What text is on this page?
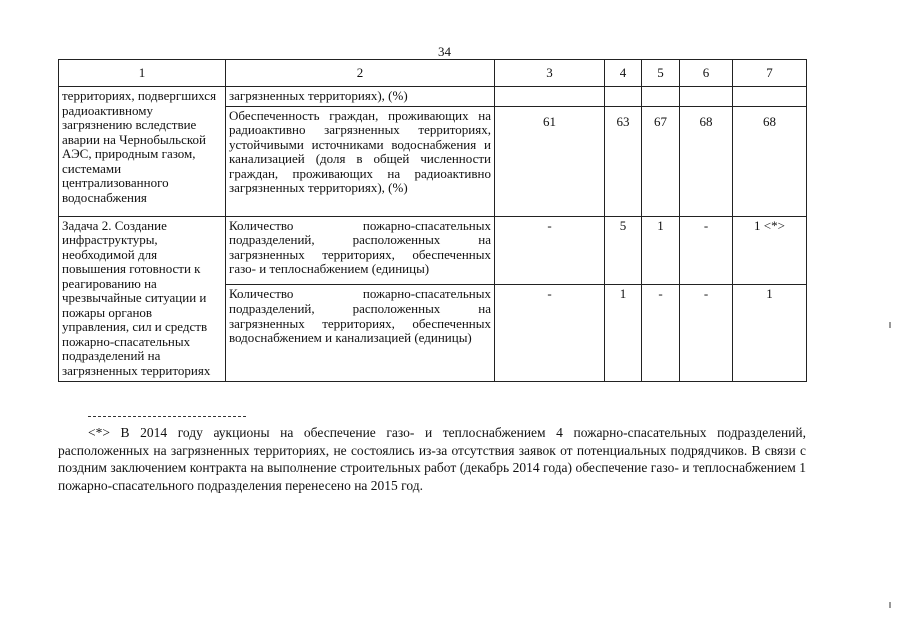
34
1	2	3	4	5	6	7
территориях, подвергшихся радиоактивному загрязнению вследствие аварии на Чернобыльской АЭС, природным газом, системами централизованного водоснабжения	загрязненных территориях), (%)					
	Обеспеченность граждан, проживающих на радиоактивно загрязненных территориях, устойчивыми источниками водоснабжения и канализацией (доля в общей численности граждан, проживающих на радиоактивно загрязненных территориях), (%)	61	63	67	68	68
Задача 2. Создание инфраструктуры, необходимой для повышения готовности к реагированию на чрезвычайные ситуации и пожары органов управления, сил и средств пожарно-спасательных подразделений на загрязненных территориях	Количество пожарно-спасательных подразделений, расположенных на загрязненных территориях, обеспеченных газо- и теплоснабжением (единицы)	-	5	1	-	1 <*>
	Количество пожарно-спасательных подразделений, расположенных на загрязненных территориях, обеспеченных водоснабжением и канализацией (единицы)	-	1	-	-	1
<*> В 2014 году аукционы на обеспечение газо- и теплоснабжением 4 пожарно-спасательных подразделений, расположенных на загрязненных территориях, не состоялись из-за отсутствия заявок от потенциальных подрядчиков. В связи с поздним заключением контракта на выполнение строительных работ (декабрь 2014 года) обеспечение газо- и теплоснабжением 1 пожарно-спасательного подразделения перенесено на 2015 год.
